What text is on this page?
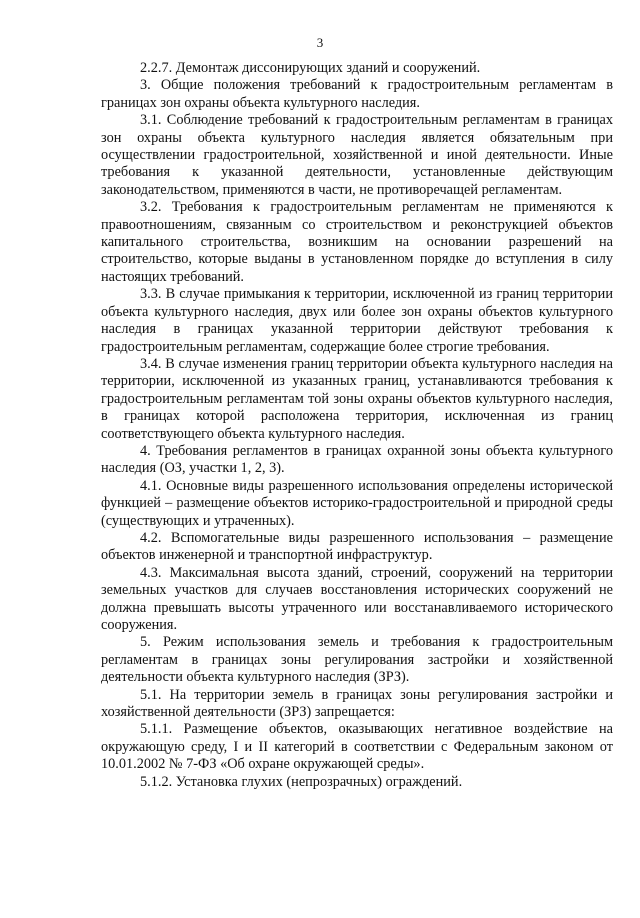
3

2.2.7. Демонтаж диссонирующих зданий и сооружений.

3. Общие положения требований к градостроительным регламентам в границах зон охраны объекта культурного наследия.

3.1. Соблюдение требований к градостроительным регламентам в границах зон охраны объекта культурного наследия является обязательным при осуществлении градостроительной, хозяйственной и иной деятельности. Иные требования к указанной деятельности, установленные действующим законодательством, применяются в части, не противоречащей регламентам.

3.2. Требования к градостроительным регламентам не применяются к правоотношениям, связанным со строительством и реконструкцией объектов капитального строительства, возникшим на основании разрешений на строительство, которые выданы в установленном порядке до вступления в силу настоящих требований.

3.3. В случае примыкания к территории, исключенной из границ территории объекта культурного наследия, двух или более зон охраны объектов культурного наследия в границах указанной территории действуют требования к градостроительным регламентам, содержащие более строгие требования.

3.4. В случае изменения границ территории объекта культурного наследия на территории, исключенной из указанных границ, устанавливаются требования к градостроительным регламентам той зоны охраны объектов культурного наследия, в границах которой расположена территория, исключенная из границ соответствующего объекта культурного наследия.

4. Требования регламентов в границах охранной зоны объекта культурного наследия (ОЗ, участки 1, 2, 3).

4.1. Основные виды разрешенного использования определены исторической функцией – размещение объектов историко-градостроительной и природной среды (существующих и утраченных).

4.2. Вспомогательные виды разрешенного использования – размещение объектов инженерной и транспортной инфраструктур.

4.3. Максимальная высота зданий, строений, сооружений на территории земельных участков для случаев восстановления исторических сооружений не должна превышать высоты утраченного или восстанавливаемого исторического сооружения.

5. Режим использования земель и требования к градостроительным регламентам в границах зоны регулирования застройки и хозяйственной деятельности объекта культурного наследия (ЗРЗ).

5.1. На территории земель в границах зоны регулирования застройки и хозяйственной деятельности (ЗРЗ) запрещается:

5.1.1. Размещение объектов, оказывающих негативное воздействие на окружающую среду, I и II категорий в соответствии с Федеральным законом от 10.01.2002 № 7-ФЗ «Об охране окружающей среды».

5.1.2. Установка глухих (непрозрачных) ограждений.
